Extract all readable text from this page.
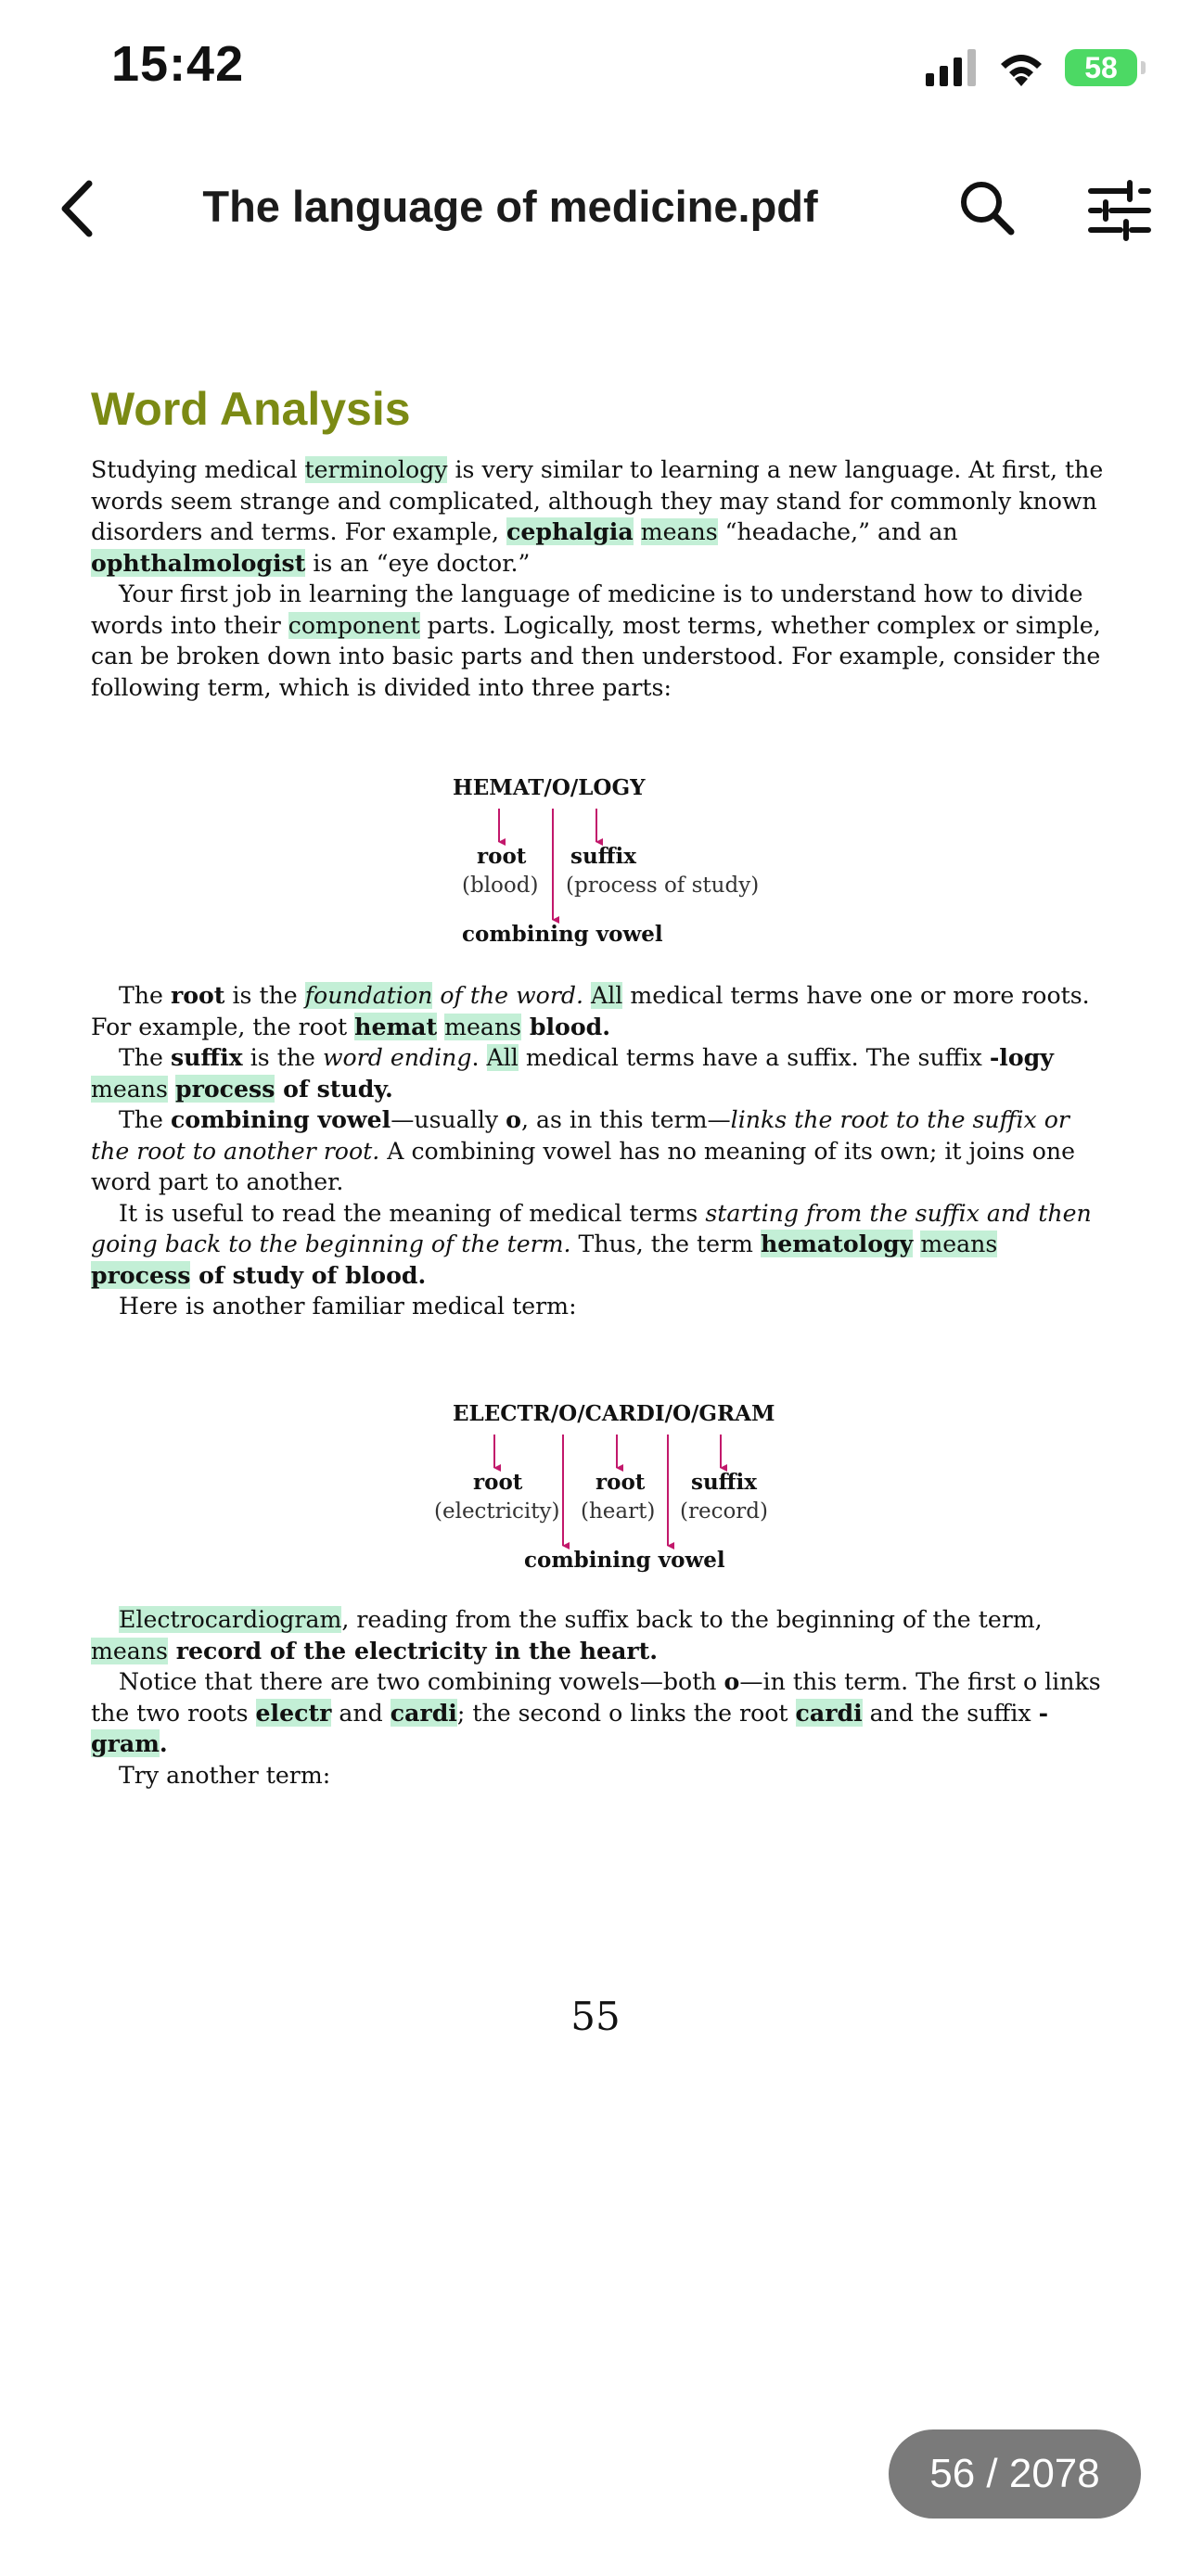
15:42	58
The language of medicine.pdf
Word Analysis

Studying medical terminology is very similar to learning a new language. At first, the words seem strange and complicated, although they may stand for commonly known disorders and terms. For example, cephalgia means “headache,” and an ophthalmologist is an “eye doctor.”

Your first job in learning the language of medicine is to understand how to divide words into their component parts. Logically, most terms, whether complex or simple, can be broken down into basic parts and then understood. For example, consider the following term, which is divided into three parts:

HEMAT/O/LOGY
root
(blood)
suffix
(process of study)
combining vowel

The root is the foundation of the word. All medical terms have one or more roots. For example, the root hemat means blood.

The suffix is the word ending. All medical terms have a suffix. The suffix -logy means process of study.

The combining vowel—usually o, as in this term—links the root to the suffix or the root to another root. A combining vowel has no meaning of its own; it joins one word part to another.

It is useful to read the meaning of medical terms starting from the suffix and then going back to the beginning of the term. Thus, the term hematology means process of study of blood.

Here is another familiar medical term:

ELECTR/O/CARDI/O/GRAM
root
(electricity)
root
(heart)
suffix
(record)
combining vowel

Electrocardiogram, reading from the suffix back to the beginning of the term, means record of the electricity in the heart.

Notice that there are two combining vowels—both o—in this term. The first o links the two roots electr and cardi; the second o links the root cardi and the suffix -gram.

Try another term:

55
56 / 2078
